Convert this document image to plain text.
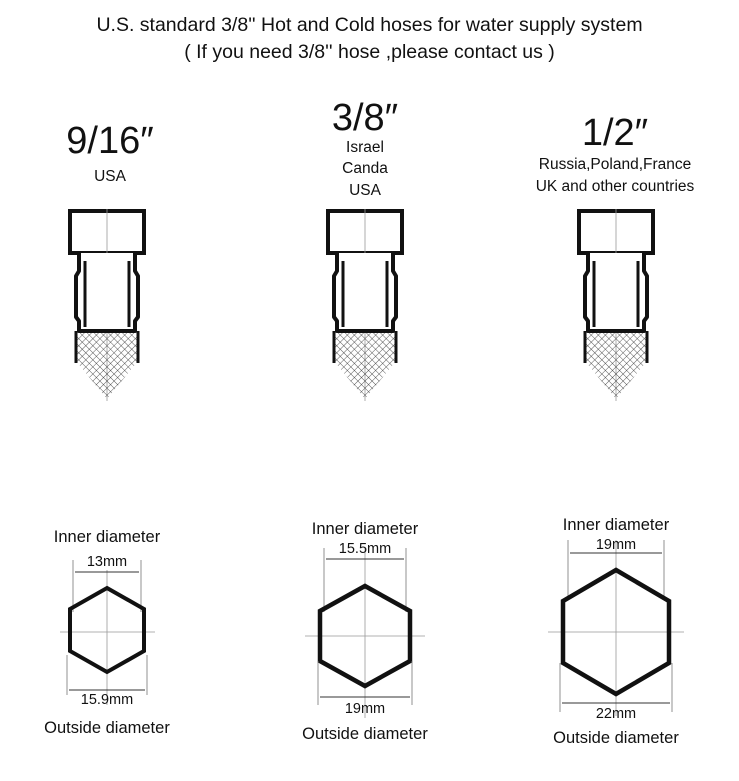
U.S. standard 3/8'' Hot and Cold hoses for water supply system
( If you need 3/8'' hose ,please contact us )
9/16″
USA
3/8″
Israel
Canda
USA
1/2″
Russia,Poland,France
UK and other countries
Inner diameter
13mm
15.9mm
Outside diameter
Inner diameter
15.5mm
19mm
Outside diameter
Inner diameter
19mm
22mm
Outside diameter
